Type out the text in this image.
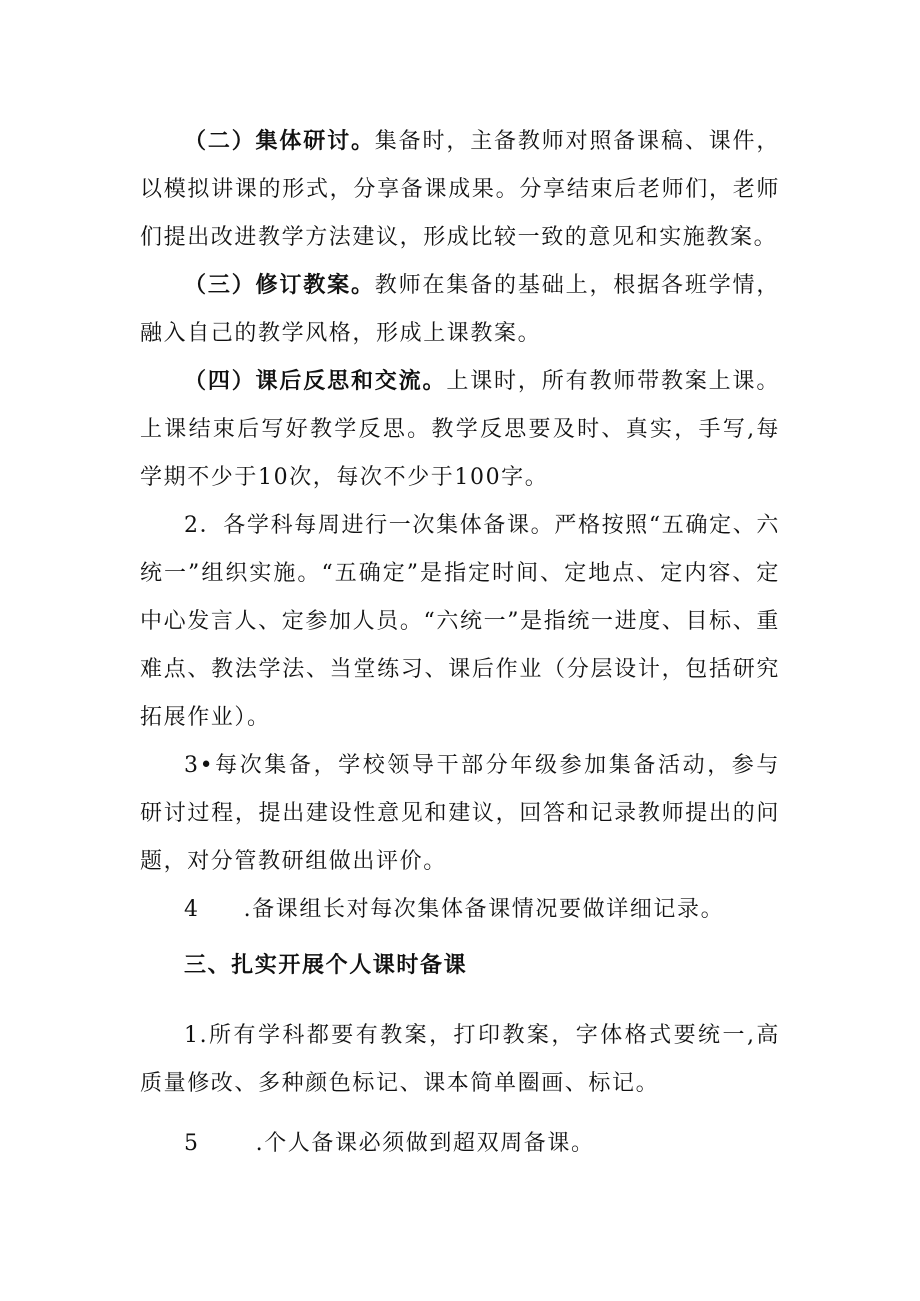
（二）集体研讨。集备时，主备教师对照备课稿、课件，以模拟讲课的形式，分享备课成果。分享结束后老师们，老师们提出改进教学方法建议，形成比较一致的意见和实施教案。

（三）修订教案。教师在集备的基础上，根据各班学情，融入自己的教学风格，形成上课教案。

（四）课后反思和交流。上课时，所有教师带教案上课。上课结束后写好教学反思。教学反思要及时、真实，手写,每学期不少于10次，每次不少于100字。

2．各学科每周进行一次集体备课。严格按照“五确定、六统一”组织实施。“五确定”是指定时间、定地点、定内容、定中心发言人、定参加人员。“六统一”是指统一进度、目标、重难点、教法学法、当堂练习、课后作业（分层设计，包括研究拓展作业）。

3•每次集备，学校领导干部分年级参加集备活动，参与研讨过程，提出建设性意见和建议，回答和记录教师提出的问题，对分管教研组做出评价。

4 .备课组长对每次集体备课情况要做详细记录。

三、扎实开展个人课时备课

1.所有学科都要有教案，打印教案，字体格式要统一,高质量修改、多种颜色标记、课本简单圈画、标记。

5	.个人备课必须做到超双周备课。
